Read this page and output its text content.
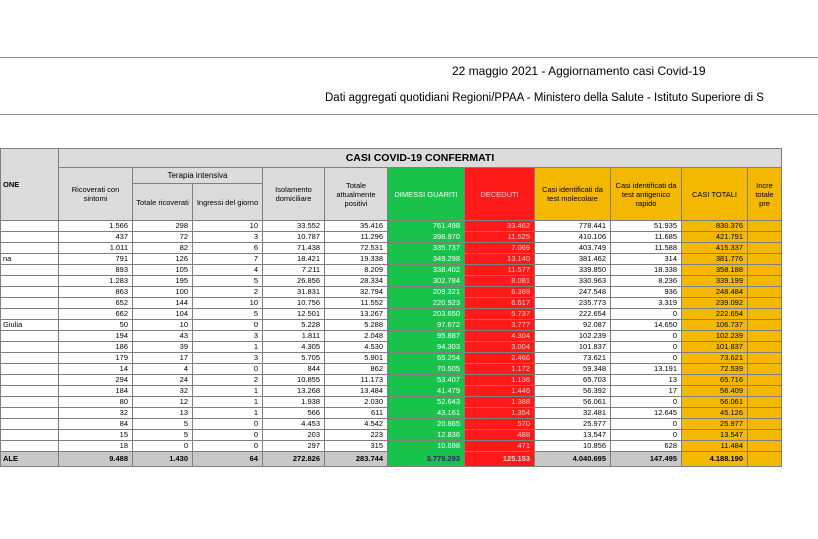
22 maggio 2021 - Aggiornamento casi Covid-19
Dati aggregati quotidiani Regioni/PPAA - Ministero della Salute - Istituto Superiore di S
ONE	CASI COVID-19 CONFERMATI										
	Ricoverati con sintomi	Terapia intensiva		Isolamento domiciliare	Totale attualmente positivi	DIMESSI GUARITI	DECEDUTI	Casi identificati da test molecolare	Casi identificati da test antigenico rapido	CASI TOTALI	Incre totale pre
		Totale ricoverati	Ingressi del giorno								
	1.566	298	10	33.552	35.416	761.498	33.462	778.441	51.935	830.376	
	437	72	3	10.787	11.296	398.970	11.525	410.106	11.685	421.791	
	1.011	82	6	71.438	72.531	335.737	7.069	403.749	11.588	415.337	
na	791	126	7	18.421	19.338	349.298	13.140	381.462	314	381.776	
	893	105	4	7.211	8.209	338.402	11.577	339.850	18.338	358.188	
	1.283	195	5	26.856	28.334	302.784	8.081	330.963	8.236	339.199	
	863	100	2	31.831	32.794	209.321	6.369	247.548	936	248.484	
	652	144	10	10.756	11.552	220.923	6.617	235.773	3.319	239.092	
	662	104	5	12.501	13.267	203.650	5.737	222.654	0	222.654	
Giulia	50	10	0	5.228	5.288	97.672	3.777	92.087	14.650	106.737	
	194	43	3	1.811	2.048	95.887	4.304	102.239	0	102.239	
	186	39	1	4.305	4.530	94.303	3.004	101.837	0	101.837	
	179	17	3	5.705	5.901	65.254	2.466	73.621	0	73.621	
	14	4	0	844	862	70.505	1.172	59.348	13.191	72.539	
	294	24	2	10.855	11.173	53.407	1.136	65.703	13	65.716	
	184	32	1	13.268	13.484	41.479	1.446	56.392	17	56.409	
	80	12	1	1.938	2.030	52.643	1.388	56.061	0	56.061	
	32	13	1	566	611	43.161	1.354	32.481	12.645	45.126	
	84	5	0	4.453	4.542	20.865	570	25.977	0	25.977	
	15	5	0	203	223	12.836	488	13.547	0	13.547	
	18	0	0	297	315	10.698	471	10.856	628	11.484	
ALE	9.488	1.430	64	272.826	283.744	3.779.293	125.153	4.040.695	147.495	4.188.190	
